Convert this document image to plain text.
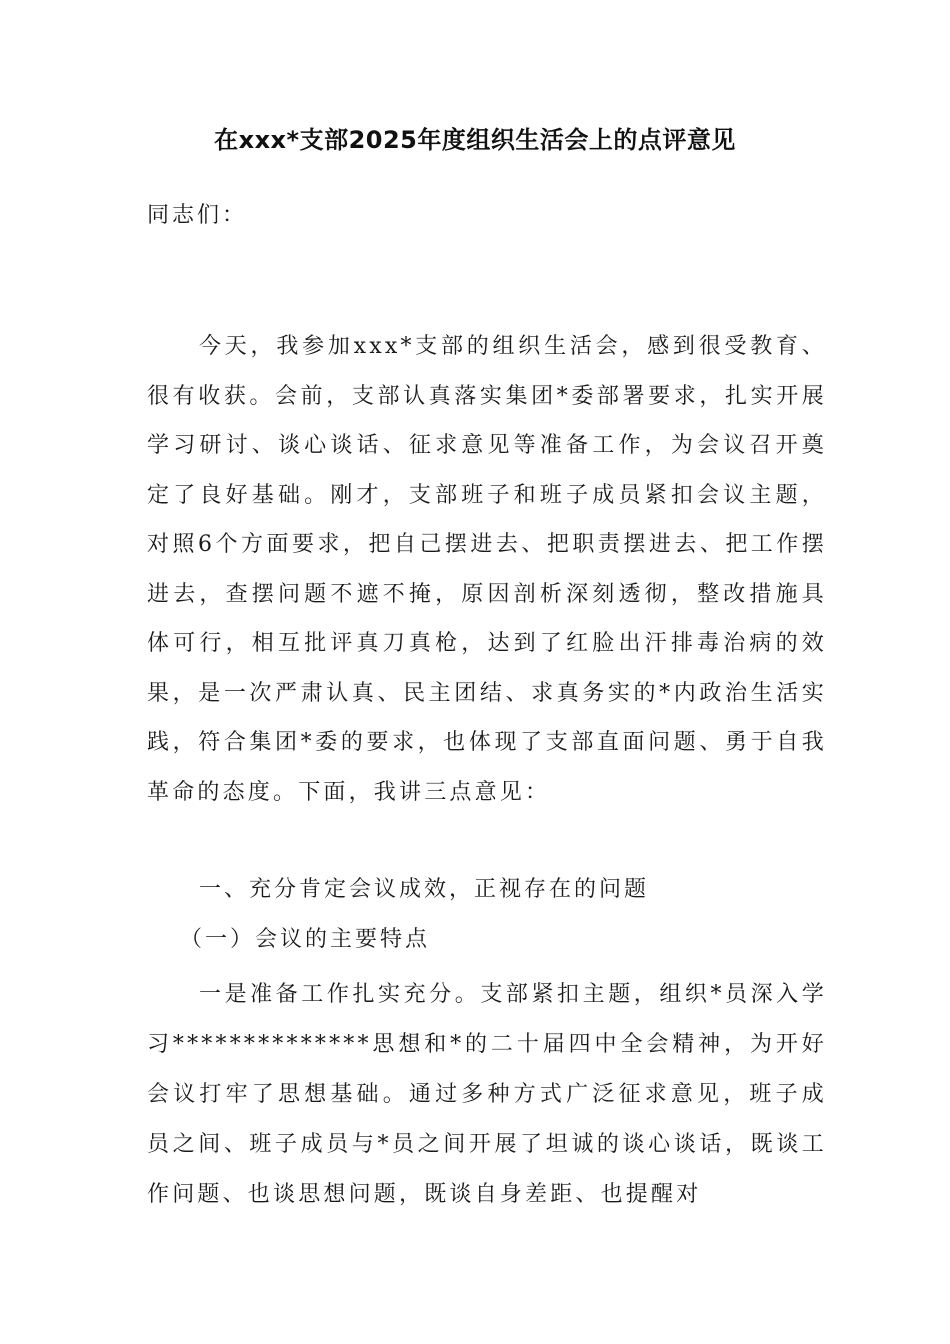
在xxx*支部2025年度组织生活会上的点评意见
同志们：

今天，我参加xxx*支部的组织生活会，感到很受教育、很有收获。会前，支部认真落实集团*委部署要求，扎实开展学习研讨、谈心谈话、征求意见等准备工作，为会议召开奠定了良好基础。刚才，支部班子和班子成员紧扣会议主题，对照6个方面要求，把自己摆进去、把职责摆进去、把工作摆进去，查摆问题不遮不掩，原因剖析深刻透彻，整改措施具体可行，相互批评真刀真枪，达到了红脸出汗排毒治病的效果，是一次严肃认真、民主团结、求真务实的*内政治生活实践，符合集团*委的要求，也体现了支部直面问题、勇于自我革命的态度。下面，我讲三点意见：

一、充分肯定会议成效，正视存在的问题
（一）会议的主要特点

一是准备工作扎实充分。支部紧扣主题，组织*员深入学习**************思想和*的二十届四中全会精神，为开好会议打牢了思想基础。通过多种方式广泛征求意见，班子成员之间、班子成员与*员之间开展了坦诚的谈心谈话，既谈工作问题、也谈思想问题，既谈自身差距、也提醒对
